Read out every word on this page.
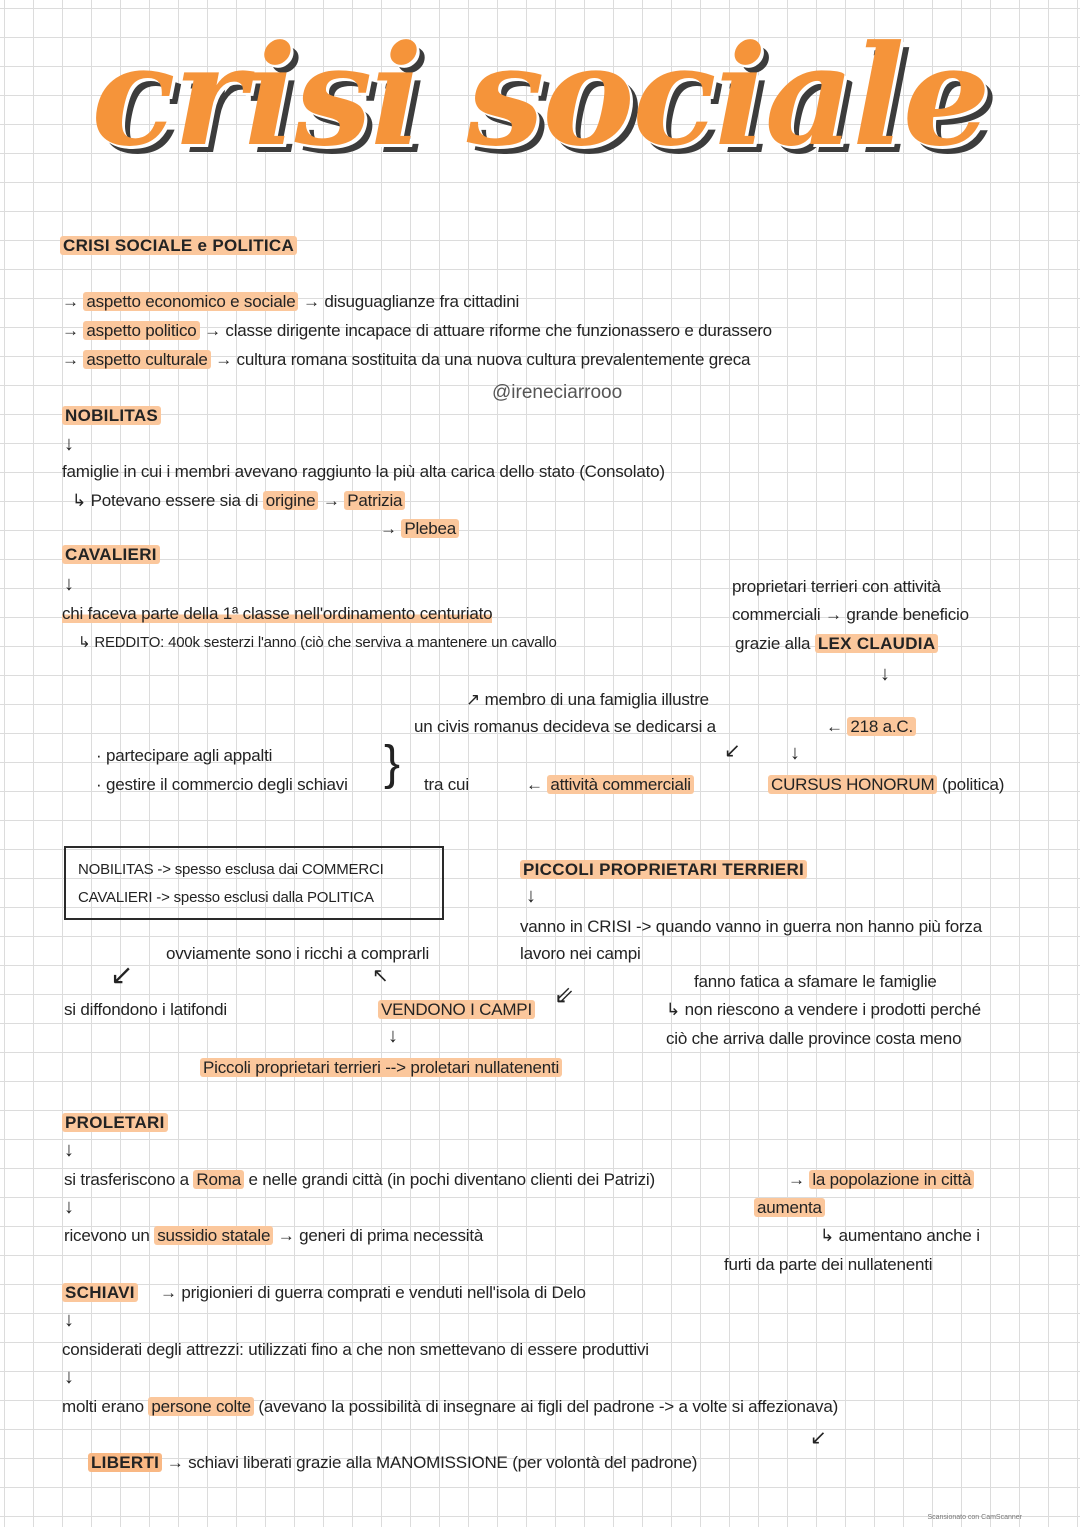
crisi sociale
CRISI SOCIALE e POLITICA
→ aspetto economico e sociale → disuguaglianze fra cittadini
→ aspetto politico → classe dirigente incapace di attuare riforme che funzionassero e durassero
→ aspetto culturale → cultura romana sostituita da una nuova cultura prevalentemente greca
@ireneciarrooo
NOBILITAS
↓
famiglie in cui i membri avevano raggiunto la più alta carica dello stato (Consolato)
↳ Potevano essere sia di origine → Patrizia
→ Plebea
CAVALIERI
↓
chi faceva parte della 1ª classe nell'ordinamento centuriato
↳ REDDITO: 400k sesterzi l'anno (ciò che serviva a mantenere un cavallo
proprietari terrieri con attività
commerciali → grande beneficio
grazie alla LEX CLAUDIA
↓
↗ membro di una famiglia illustre
un civis romanus decideva se dedicarsi a	← 218 a.C.
↙ ↓
· partecipare agli appalti
· gestire il commercio degli schiavi } tra cui	← attività commerciali	CURSUS HONORUM (politica)
NOBILITAS -> spesso esclusa dai COMMERCI
CAVALIERI -> spesso esclusi dalla POLITICA
PICCOLI PROPRIETARI TERRIERI
↓
vanno in CRISI -> quando vanno in guerra non hanno più forza
lavoro nei campi
fanno fatica a sfamare le famiglie
↳ non riescono a vendere i prodotti perché
ciò che arriva dalle province costa meno
ovviamente sono i ricchi a comprarli
↙	↖
si diffondono i latifondi	VENDONO I CAMPI
⇙
↓
Piccoli proprietari terrieri --> proletari nullatenenti
PROLETARI
↓
si trasferiscono a Roma e nelle grandi città (in pochi diventano clienti dei Patrizi)	→ la popolazione in città
aumenta
↓
ricevono un sussidio statale → generi di prima necessità	↳ aumentano anche i
furti da parte dei nullatenenti
SCHIAVI → prigionieri di guerra comprati e venduti nell'isola di Delo
↓
considerati degli attrezzi: utilizzati fino a che non smettevano di essere produttivi
↓
molti erano persone colte (avevano la possibilità di insegnare ai figli del padrone -> a volte si affezionava)
↙
LIBERTI → schiavi liberati grazie alla MANOMISSIONE (per volontà del padrone)
Scansionato con CamScanner
